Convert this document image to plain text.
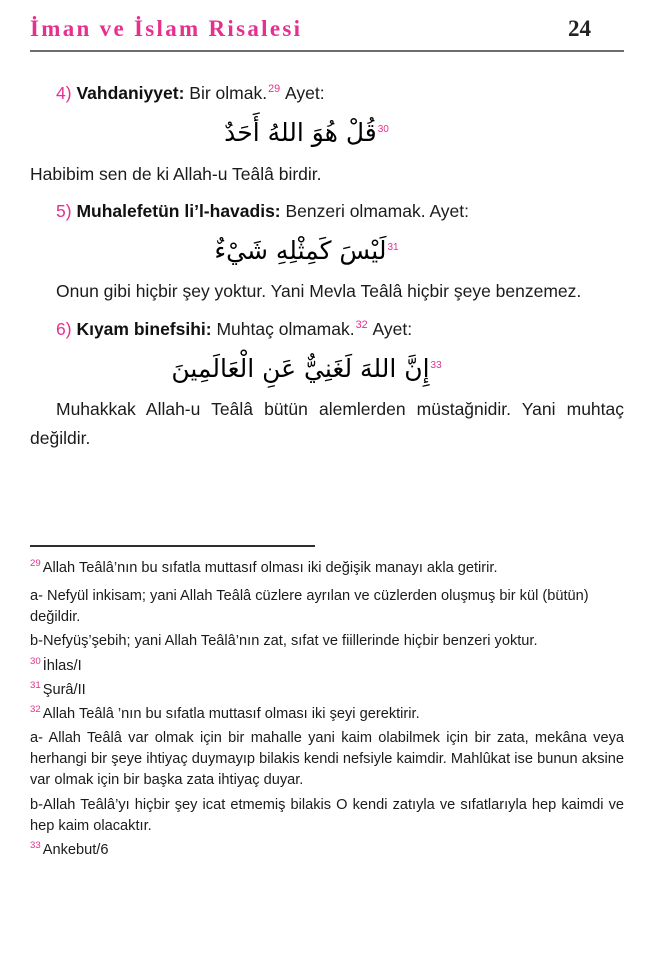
İman ve İslam Risalesi	24

4) Vahdaniyyet: Bir olmak.$^{29}$ Ayet:

$^{30}$قُلْ هُوَ اللهُ أَحَدٌ

Habibim sen de ki Allah-u Teâlâ birdir.

5) Muhalefetün li’l-havadis: Benzeri olmamak. Ayet:

$^{31}$لَيْسَ كَمِثْلِهِ شَيْءٌ

Onun gibi hiçbir şey yoktur. Yani Mevla Teâlâ hiçbir şeye benzemez.

6) Kıyam binefsihi: Muhtaç olmamak.$^{32}$ Ayet:

$^{33}$إِنَّ اللهَ لَغَنِيٌّ عَنِ الْعَالَمِينَ

Muhakkak Allah-u Teâlâ bütün alemlerden müstağnidir. Yani muhtaç değildir.

$^{29}$ Allah Teâlâ’nın bu sıfatla muttasıf olması iki değişik manayı akla getirir.

a- Nefyül inkisam; yani Allah Teâlâ cüzlere ayrılan ve cüzlerden oluşmuş bir kül (bütün) değildir.

b-Nefyüş’şebih; yani Allah Teâlâ’nın zat, sıfat ve fiillerinde hiçbir benzeri yoktur.

$^{30}$ İhlas/I

$^{31}$ Şurâ/II

$^{32}$ Allah Teâlâ ’nın bu sıfatla muttasıf olması iki şeyi gerektirir.

a- Allah Teâlâ var olmak için bir mahalle yani kaim olabilmek için bir zata, mekâna veya herhangi bir şeye ihtiyaç duymayıp bilakis kendi nefsiyle kaimdir. Mahlûkat ise bunun aksine var olmak için bir başka zata ihtiyaç duyar.

b-Allah Teâlâ’yı hiçbir şey icat etmemiş bilakis O kendi zatıyla ve sıfatlarıyla hep kaimdi ve hep kaim olacaktır.

$^{33}$ Ankebut/6
